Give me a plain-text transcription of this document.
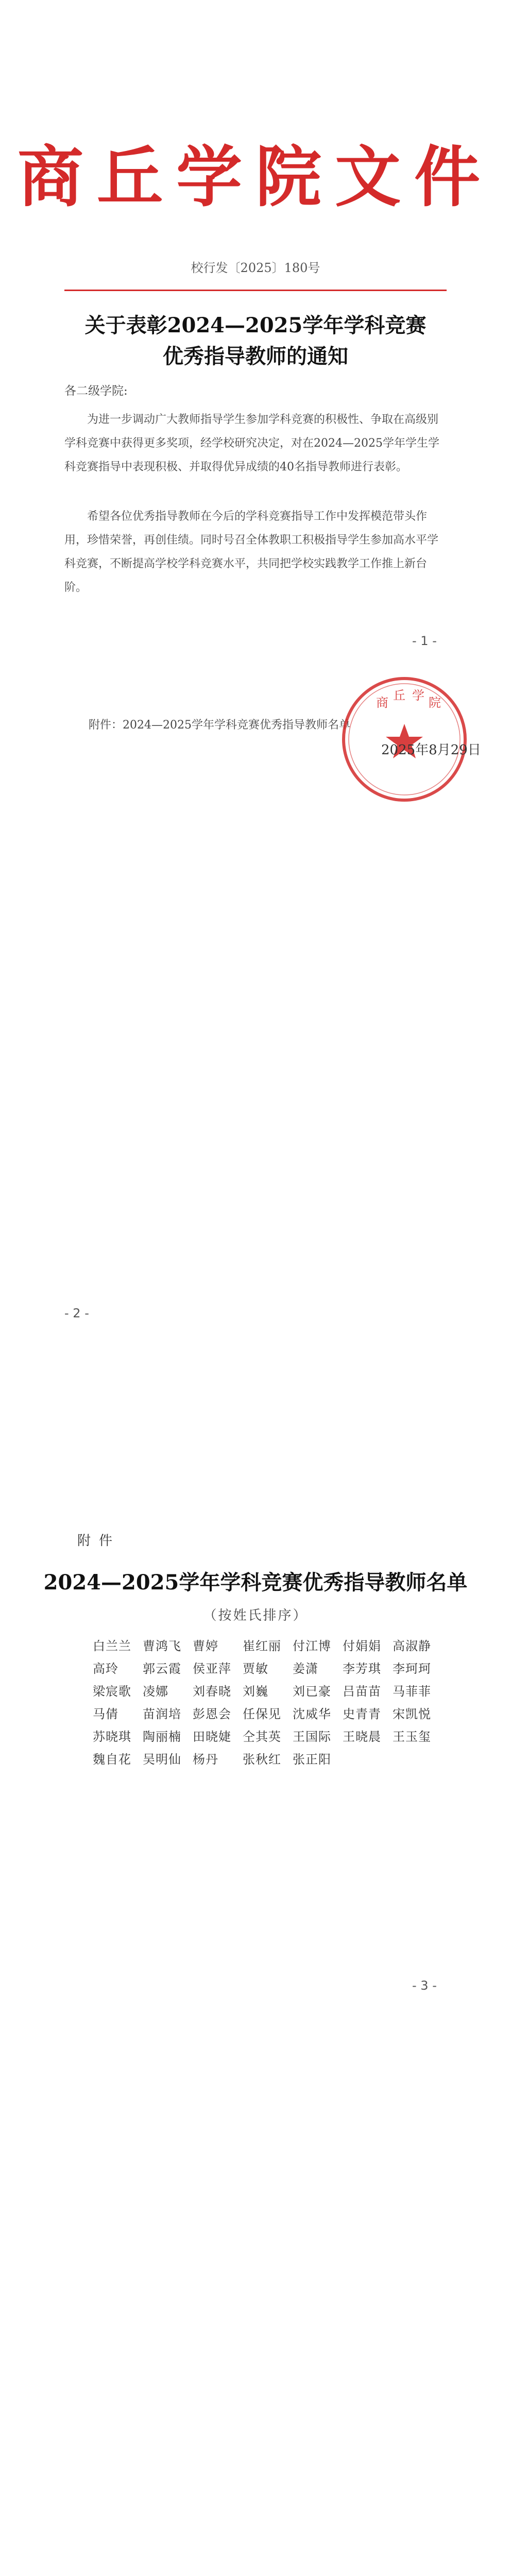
商丘学院文件
校行发〔2025〕180号
关于表彰2024—2025学年学科竞赛
优秀指导教师的通知
各二级学院:

为进一步调动广大教师指导学生参加学科竞赛的积极性、争取在高级别学科竞赛中获得更多奖项，经学校研究决定，对在2024—2025学年学生学科竞赛指导中表现积极、并取得优异成绩的40名指导教师进行表彰。

希望各位优秀指导教师在今后的学科竞赛指导工作中发挥模范带头作用，珍惜荣誉，再创佳绩。同时号召全体教职工积极指导学生参加高水平学科竞赛，不断提高学校学科竞赛水平，共同把学校实践教学工作推上新台阶。

- 1 -
附件：2024—2025学年学科竞赛优秀指导教师名单
商 丘 学 院
2025年8月29日
- 2 -
附件
2024—2025学年学科竞赛优秀指导教师名单
（按姓氏排序）
白兰兰 曹鸿飞 曹婷	崔红丽 付江博 付娟娟 高淑静
高玲	郭云霞 侯亚萍 贾敏	姜潇	李芳琪 李珂珂
梁宸歌 凌娜	刘春晓 刘巍	刘已豪 吕苗苗 马菲菲
马倩	苗润培 彭恩会 任保见 沈威华 史青青 宋凯悦
苏晓琪 陶丽楠 田晓婕 仝其英 王国际 王晓晨 王玉玺
魏自花 吴明仙 杨丹	张秋红 张正阳
- 3 -
